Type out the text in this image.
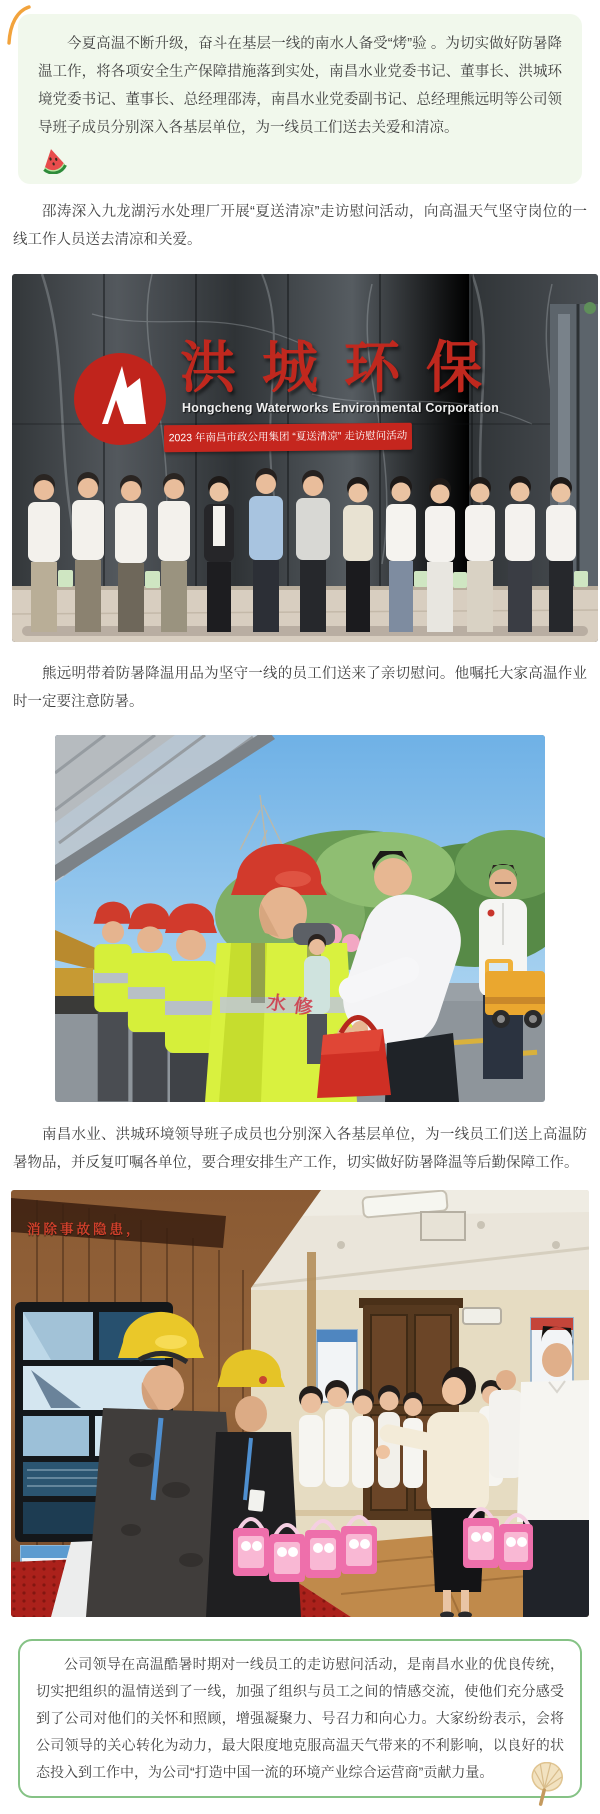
今夏高温不断升级，奋斗在基层一线的南水人备受“烤”验 。为切实做好防暑降温工作，将各项安全生产保障措施落到实处，南昌水业党委书记、董事长、洪城环境党委书记、董事长、总经理邵涛，南昌水业党委副书记、总经理熊远明等公司领导班子成员分别深入各基层单位，为一线员工们送去关爱和清凉。

邵涛深入九龙湖污水处理厂开展“夏送清凉”走访慰问活动，向高温天气坚守岗位的一线工作人员送去清凉和关爱。

洪城环保
Hongcheng Waterworks Environmental Corporation
2023 年南昌市政公用集团 “夏送清凉” 走访慰问活动

熊远明带着防暑降温用品为坚守一线的员工们送来了亲切慰问。他嘱托大家高温作业时一定要注意防暑。

水修

南昌水业、洪城环境领导班子成员也分别深入各基层单位，为一线员工们送上高温防暑物品，并反复叮嘱各单位，要合理安排生产工作，切实做好防暑降温等后勤保障工作。

消除事故隐患，

公司领导在高温酷暑时期对一线员工的走访慰问活动，是南昌水业的优良传统，切实把组织的温情送到了一线，加强了组织与员工之间的情感交流，使他们充分感受到了公司对他们的关怀和照顾，增强凝聚力、号召力和向心力。大家纷纷表示，会将公司领导的关心转化为动力，最大限度地克服高温天气带来的不利影响，以良好的状态投入到工作中，为公司“打造中国一流的环境产业综合运营商”贡献力量。
